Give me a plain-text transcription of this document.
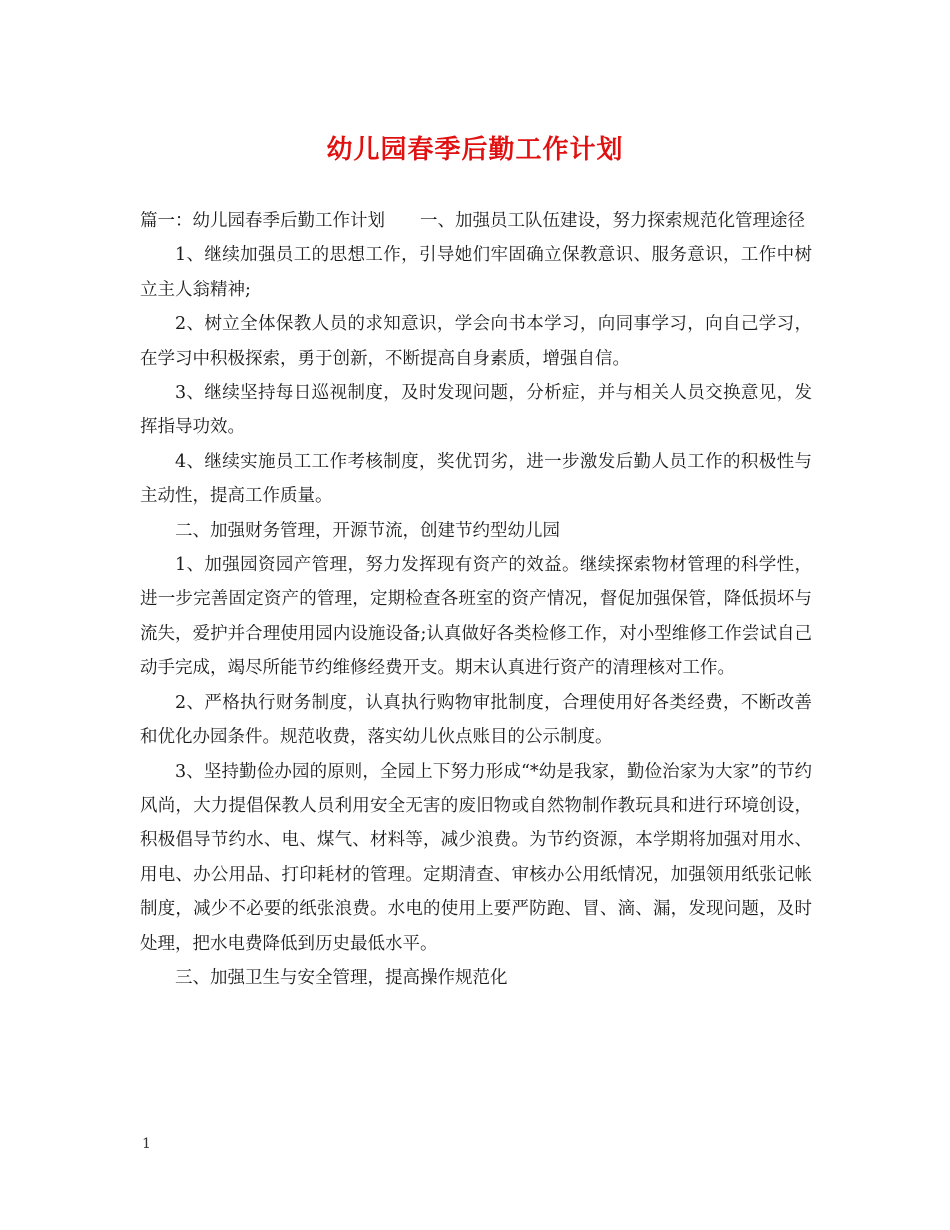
幼儿园春季后勤工作计划

篇一：幼儿园春季后勤工作计划　　一、加强员工队伍建设，努力探索规范化管理途径

1、继续加强员工的思想工作，引导她们牢固确立保教意识、服务意识，工作中树立主人翁精神;

2、树立全体保教人员的求知意识，学会向书本学习，向同事学习，向自己学习，在学习中积极探索，勇于创新，不断提高自身素质，增强自信。

3、继续坚持每日巡视制度，及时发现问题，分析症，并与相关人员交换意见，发挥指导功效。

4、继续实施员工工作考核制度，奖优罚劣，进一步激发后勤人员工作的积极性与主动性，提高工作质量。

二、加强财务管理，开源节流，创建节约型幼儿园

1、加强园资园产管理，努力发挥现有资产的效益。继续探索物材管理的科学性，进一步完善固定资产的管理，定期检查各班室的资产情况，督促加强保管，降低损坏与流失，爱护并合理使用园内设施设备;认真做好各类检修工作，对小型维修工作尝试自己动手完成，竭尽所能节约维修经费开支。期末认真进行资产的清理核对工作。

2、严格执行财务制度，认真执行购物审批制度，合理使用好各类经费，不断改善和优化办园条件。规范收费，落实幼儿伙点账目的公示制度。

3、坚持勤俭办园的原则，全园上下努力形成“*幼是我家，勤俭治家为大家”的节约风尚，大力提倡保教人员利用安全无害的废旧物或自然物制作教玩具和进行环境创设，积极倡导节约水、电、煤气、材料等，减少浪费。为节约资源，本学期将加强对用水、用电、办公用品、打印耗材的管理。定期清查、审核办公用纸情况，加强领用纸张记帐制度，减少不必要的纸张浪费。水电的使用上要严防跑、冒、滴、漏，发现问题，及时处理，把水电费降低到历史最低水平。

三、加强卫生与安全管理，提高操作规范化

1
